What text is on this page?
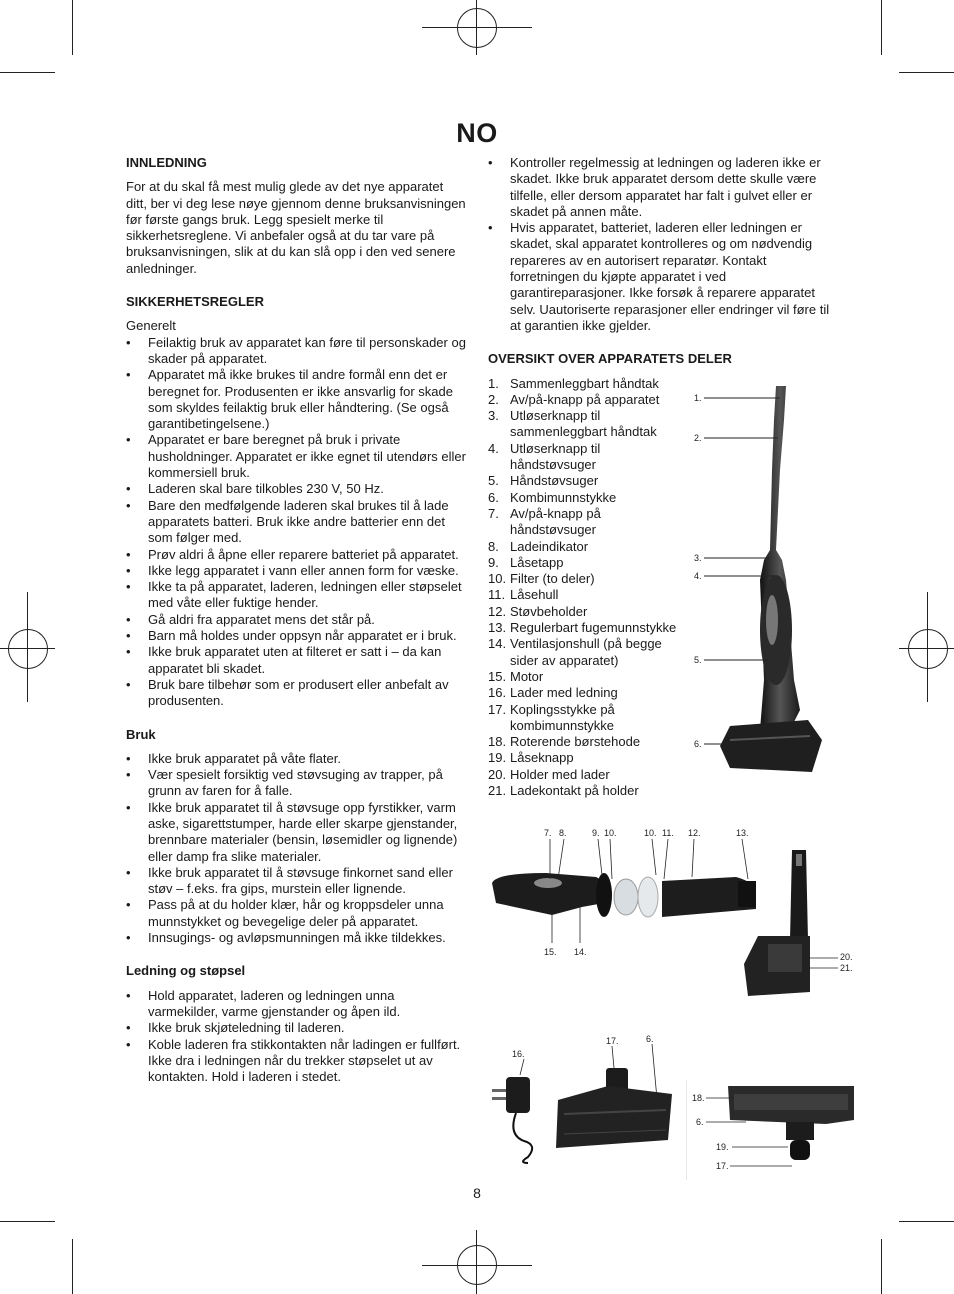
NO
INNLEDNING

For at du skal få mest mulig glede av det nye apparatet ditt, ber vi deg lese nøye gjennom denne bruksanvisningen før første gangs bruk. Legg spesielt merke til sikkerhetsreglene. Vi anbefaler også at du tar vare på bruksanvisningen, slik at du kan slå opp i den ved senere anledninger.

SIKKERHETSREGLER

Generelt

• Feilaktig bruk av apparatet kan føre til personskader og skader på apparatet.
• Apparatet må ikke brukes til andre formål enn det er beregnet for. Produsenten er ikke ansvarlig for skade som skyldes feilaktig bruk eller håndtering. (Se også garantibetingelsene.)
• Apparatet er bare beregnet på bruk i private husholdninger. Apparatet er ikke egnet til utendørs eller kommersiell bruk.
• Laderen skal bare tilkobles 230 V, 50 Hz.
• Bare den medfølgende laderen skal brukes til å lade apparatets batteri. Bruk ikke andre batterier enn det som følger med.
• Prøv aldri å åpne eller reparere batteriet på apparatet.
• Ikke legg apparatet i vann eller annen form for væske.
• Ikke ta på apparatet, laderen, ledningen eller støpselet med våte eller fuktige hender.
• Gå aldri fra apparatet mens det står på.
• Barn må holdes under oppsyn når apparatet er i bruk.
• Ikke bruk apparatet uten at filteret er satt i – da kan apparatet bli skadet.
• Bruk bare tilbehør som er produsert eller anbefalt av produsenten.
Bruk
• Ikke bruk apparatet på våte flater.
• Vær spesielt forsiktig ved støvsuging av trapper, på grunn av faren for å falle.
• Ikke bruk apparatet til å støvsuge opp fyrstikker, varm aske, sigarettstumper, harde eller skarpe gjenstander, brennbare materialer (bensin, løsemidler og lignende) eller damp fra slike materialer.
• Ikke bruk apparatet til å støvsuge finkornet sand eller støv – f.eks. fra gips, murstein eller lignende.
• Pass på at du holder klær, hår og kroppsdeler unna munnstykket og bevegelige deler på apparatet.
• Innsugings- og avløpsmunningen må ikke tildekkes.
Ledning og støpsel
• Hold apparatet, laderen og ledningen unna varmekilder, varme gjenstander og åpen ild.
• Ikke bruk skjøteledning til laderen.
• Koble laderen fra stikkontakten når ladingen er fullført. Ikke dra i ledningen når du trekker støpselet ut av kontakten. Hold i laderen i stedet.
• Kontroller regelmessig at ledningen og laderen ikke er skadet. Ikke bruk apparatet dersom dette skulle være tilfelle, eller dersom apparatet har falt i gulvet eller er skadet på annen måte.
• Hvis apparatet, batteriet, laderen eller ledningen er skadet, skal apparatet kontrolleres og om nødvendig repareres av en autorisert reparatør. Kontakt forretningen du kjøpte apparatet i ved garantireparasjoner. Ikke forsøk å reparere apparatet selv. Uautoriserte reparasjoner eller endringer vil føre til at garantien ikke gjelder.
OVERSIKT OVER APPARATETS DELER
1. Sammenleggbart håndtak
2. Av/på-knapp på apparatet
3. Utløserknapp til sammenleggbart håndtak
4. Utløserknapp til håndstøvsuger
5. Håndstøvsuger
6. Kombimunnstykke
7. Av/på-knapp på håndstøvsuger
8. Ladeindikator
9. Låsetapp
10. Filter (to deler)
11. Låsehull
12. Støvbeholder
13. Regulerbart fugemunnstykke
14. Ventilasjonshull (på begge sider av apparatet)
15. Motor
16. Lader med ledning
17. Koplingsstykke på kombimunnstykke
18. Roterende børstehode
19. Låseknapp
20. Holder med lader
21. Ladekontakt på holder
1.
2.
3.
4.
5.
6.
7. 8.	9. 10.	10. 11. 12.	13.
15. 14.	20.
21.
16.
17.	6.
18.
6.
19.
17.
8
